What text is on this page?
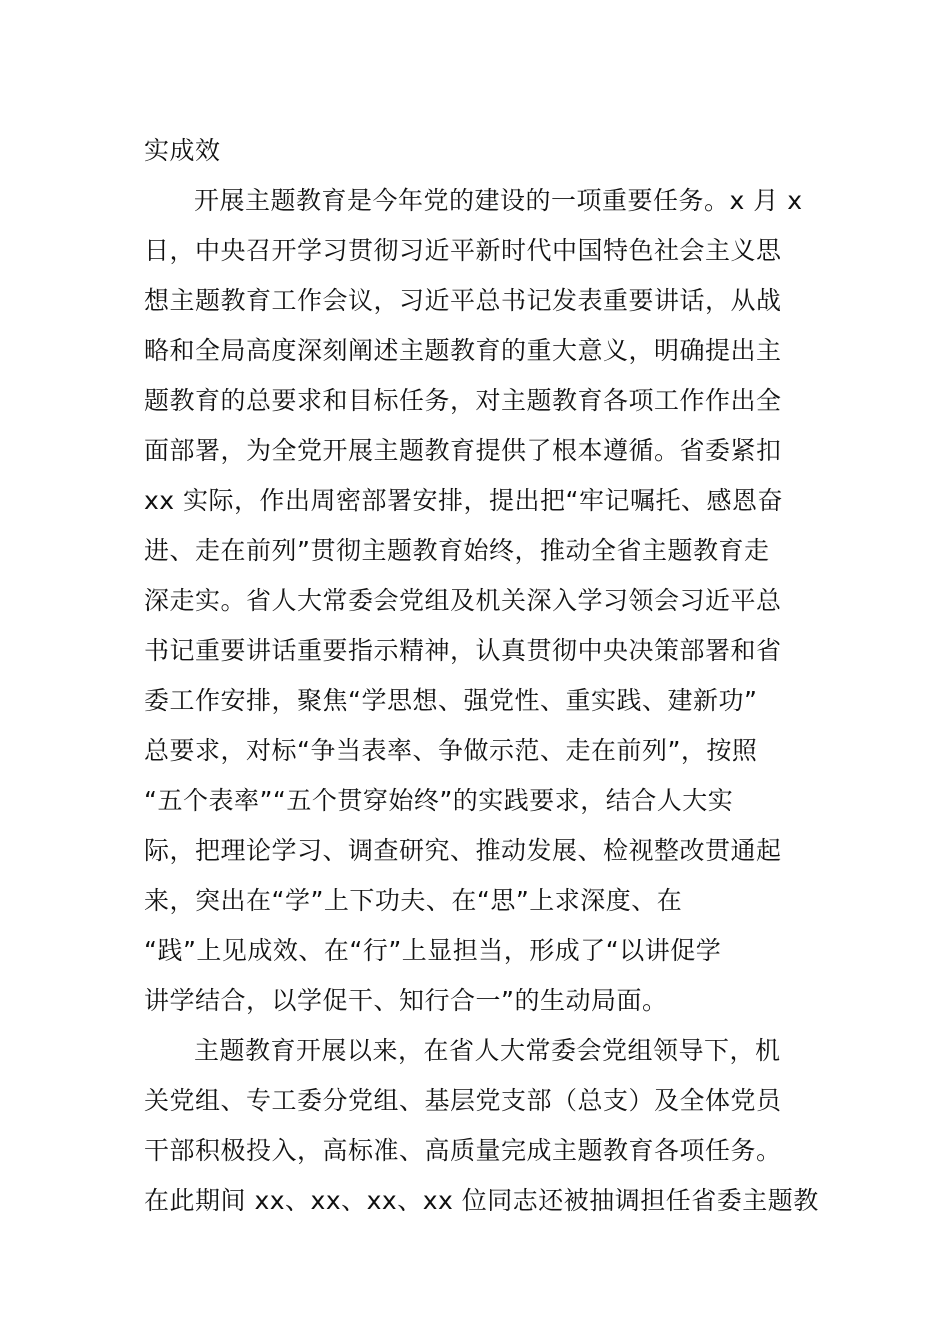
实成效
开展主题教育是今年党的建设的一项重要任务。x 月 x
日，中央召开学习贯彻习近平新时代中国特色社会主义思
想主题教育工作会议，习近平总书记发表重要讲话，从战
略和全局高度深刻阐述主题教育的重大意义，明确提出主
题教育的总要求和目标任务，对主题教育各项工作作出全
面部署，为全党开展主题教育提供了根本遵循。省委紧扣
xx 实际，作出周密部署安排，提出把“牢记嘱托、感恩奋
进、走在前列”贯彻主题教育始终，推动全省主题教育走
深走实。省人大常委会党组及机关深入学习领会习近平总
书记重要讲话重要指示精神，认真贯彻中央决策部署和省
委工作安排，聚焦“学思想、强党性、重实践、建新功”
总要求，对标“争当表率、争做示范、走在前列”，按照
“五个表率”“五个贯穿始终”的实践要求，结合人大实
际，把理论学习、调查研究、推动发展、检视整改贯通起
来，突出在“学”上下功夫、在“思”上求深度、在
“践”上见成效、在“行”上显担当，形成了“以讲促学
讲学结合，以学促干、知行合一”的生动局面。
主题教育开展以来，在省人大常委会党组领导下，机
关党组、专工委分党组、基层党支部（总支）及全体党员
干部积极投入，高标准、高质量完成主题教育各项任务。
在此期间 xx、xx、xx、xx 位同志还被抽调担任省委主题教
